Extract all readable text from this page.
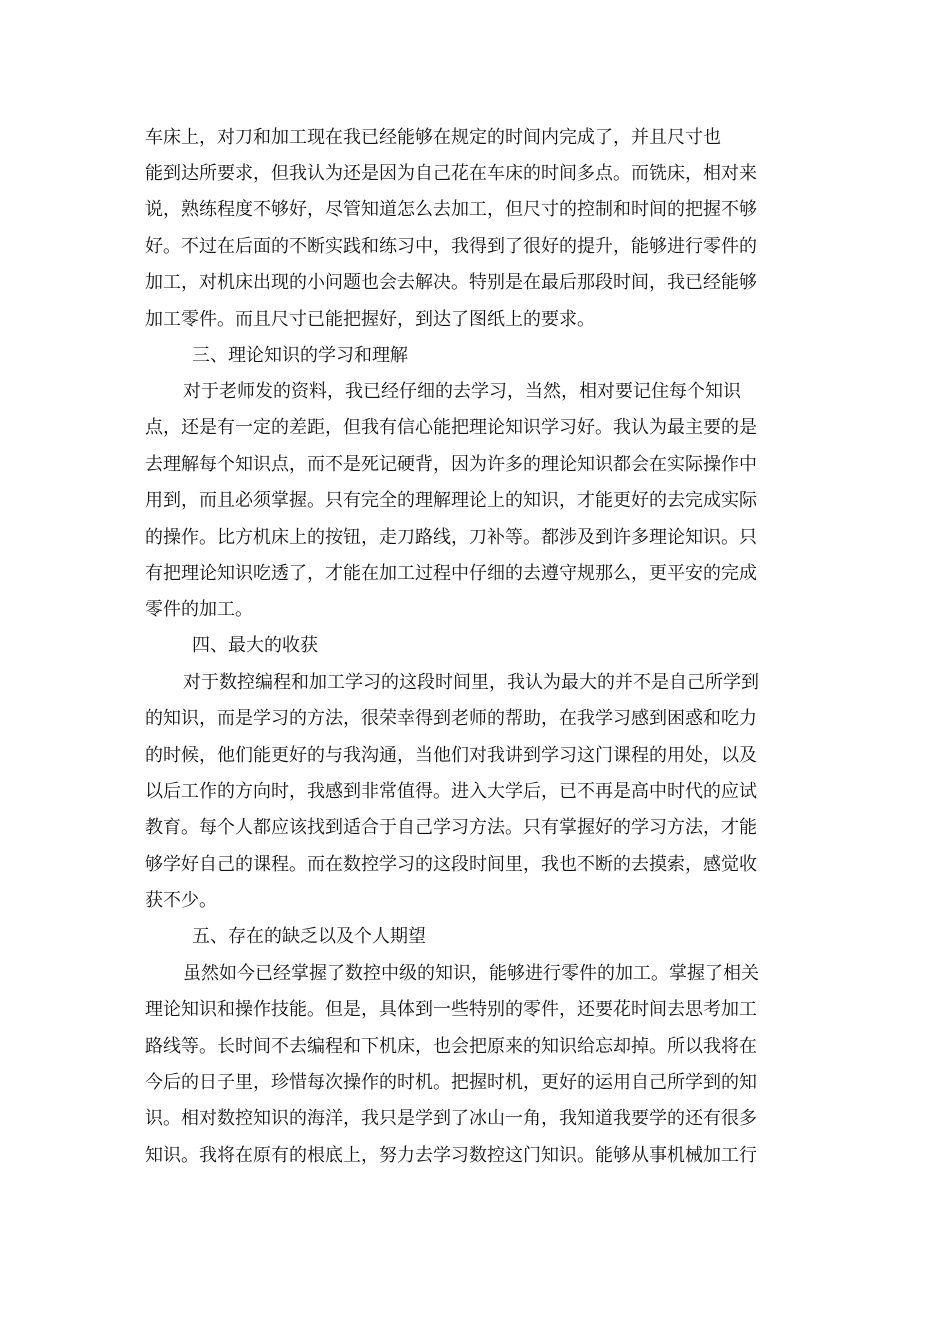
车床上，对刀和加工现在我已经能够在规定的时间内完成了，并且尺寸也
能到达所要求，但我认为还是因为自己花在车床的时间多点。而铣床，相对来
说，熟练程度不够好，尽管知道怎么去加工，但尺寸的控制和时间的把握不够
好。不过在后面的不断实践和练习中，我得到了很好的提升，能够进行零件的
加工，对机床出现的小问题也会去解决。特别是在最后那段时间，我已经能够
加工零件。而且尺寸已能把握好，到达了图纸上的要求。
三、理论知识的学习和理解
对于老师发的资料，我已经仔细的去学习，当然，相对要记住每个知识
点，还是有一定的差距，但我有信心能把理论知识学习好。我认为最主要的是
去理解每个知识点，而不是死记硬背，因为许多的理论知识都会在实际操作中
用到，而且必须掌握。只有完全的理解理论上的知识，才能更好的去完成实际
的操作。比方机床上的按钮，走刀路线，刀补等。都涉及到许多理论知识。只
有把理论知识吃透了，才能在加工过程中仔细的去遵守规那么，更平安的完成
零件的加工。
四、最大的收获
对于数控编程和加工学习的这段时间里，我认为最大的并不是自己所学到
的知识，而是学习的方法，很荣幸得到老师的帮助，在我学习感到困惑和吃力
的时候，他们能更好的与我沟通，当他们对我讲到学习这门课程的用处，以及
以后工作的方向时，我感到非常值得。进入大学后，已不再是高中时代的应试
教育。每个人都应该找到适合于自己学习方法。只有掌握好的学习方法，才能
够学好自己的课程。而在数控学习的这段时间里，我也不断的去摸索，感觉收
获不少。
五、存在的缺乏以及个人期望
虽然如今已经掌握了数控中级的知识，能够进行零件的加工。掌握了相关
理论知识和操作技能。但是，具体到一些特别的零件，还要花时间去思考加工
路线等。长时间不去编程和下机床，也会把原来的知识给忘却掉。所以我将在
今后的日子里，珍惜每次操作的时机。把握时机，更好的运用自己所学到的知
识。相对数控知识的海洋，我只是学到了冰山一角，我知道我要学的还有很多
知识。我将在原有的根底上，努力去学习数控这门知识。能够从事机械加工行
